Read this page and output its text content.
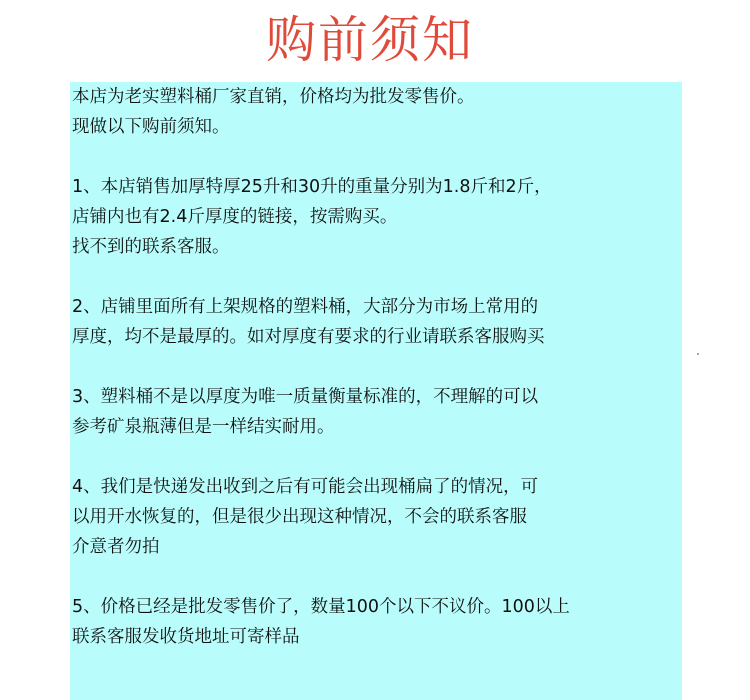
购前须知
本店为老实塑料桶厂家直销，价格均为批发零售价。
现做以下购前须知。
1、本店销售加厚特厚25升和30升的重量分别为1.8斤和2斤，
店铺内也有2.4斤厚度的链接，按需购买。
找不到的联系客服。
2、店铺里面所有上架规格的塑料桶，大部分为市场上常用的
厚度，均不是最厚的。如对厚度有要求的行业请联系客服购买
3、塑料桶不是以厚度为唯一质量衡量标准的，不理解的可以
参考矿泉瓶薄但是一样结实耐用。
4、我们是快递发出收到之后有可能会出现桶扁了的情况，可
以用开水恢复的，但是很少出现这种情况，不会的联系客服
介意者勿拍
5、价格已经是批发零售价了，数量100个以下不议价。100以上
联系客服发收货地址可寄样品
